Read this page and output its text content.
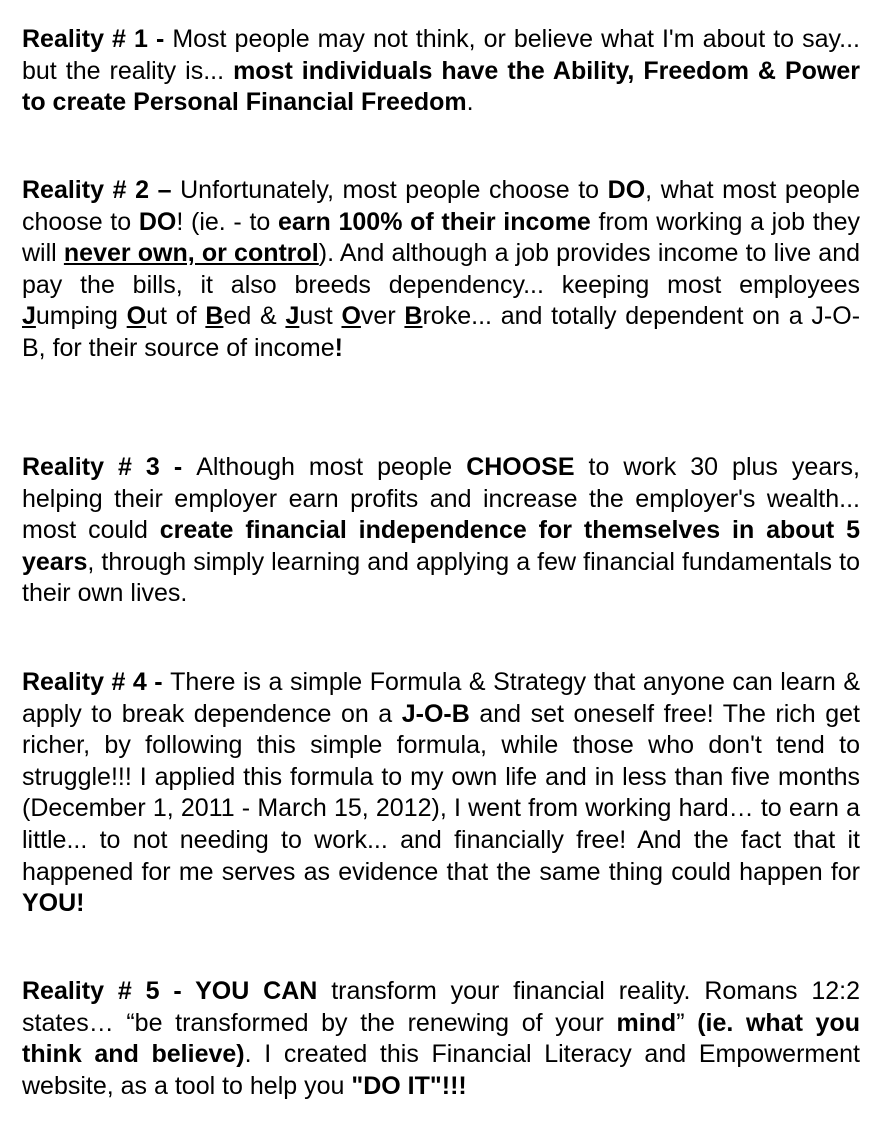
Reality # 1 - Most people may not think, or believe what I'm about to say... but the reality is... most individuals have the Ability, Freedom & Power to create Personal Financial Freedom.

Reality # 2 – Unfortunately, most people choose to DO, what most people choose to DO! (ie. - to earn 100% of their income from working a job they will never own, or control). And although a job provides income to live and pay the bills, it also breeds dependency... keeping most employees Jumping Out of Bed & Just Over Broke... and totally dependent on a J-O-B, for their source of income!

Reality # 3 - Although most people CHOOSE to work 30 plus years, helping their employer earn profits and increase the employer's wealth... most could create financial independence for themselves in about 5 years, through simply learning and applying a few financial fundamentals to their own lives.

Reality # 4 - There is a simple Formula & Strategy that anyone can learn & apply to break dependence on a J-O-B and set oneself free! The rich get richer, by following this simple formula, while those who don't tend to struggle!!! I applied this formula to my own life and in less than five months (December 1, 2011 - March 15, 2012), I went from working hard… to earn a little... to not needing to work... and financially free! And the fact that it happened for me serves as evidence that the same thing could happen for YOU!

Reality # 5 - YOU CAN transform your financial reality. Romans 12:2 states… “be transformed by the renewing of your mind” (ie. what you think and believe). I created this Financial Literacy and Empowerment website, as a tool to help you "DO IT"!!!
